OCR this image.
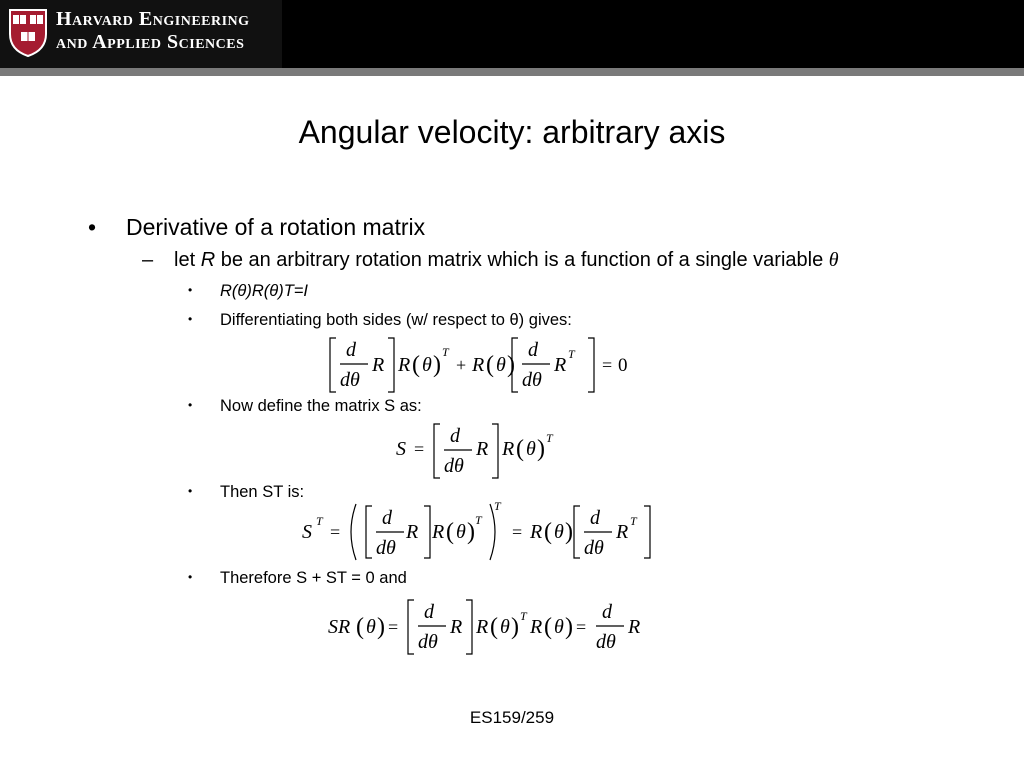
Harvard Engineering
and Applied Sciences
Angular velocity: arbitrary axis
• Derivative of a rotation matrix
– let R be an arbitrary rotation matrix which is a function of a single variable θ
• R(θ)R(θ)T=I
• Differentiating both sides (w/ respect to θ) gives:
d
dθ
R R ( θ ) T
+ R ( θ )
d
dθ
R T
= 0
• Now define the matrix S as:
S =
d
dθ
R R ( θ ) T
• Then ST is:
S T
=
d
dθ
R R ( θ ) T
T
= R ( θ )
d
dθ
R T
• Therefore S + ST = 0 and
SR ( θ ) =
d
dθ
R R ( θ ) T R ( θ ) =
d
dθ
R
ES159/259
